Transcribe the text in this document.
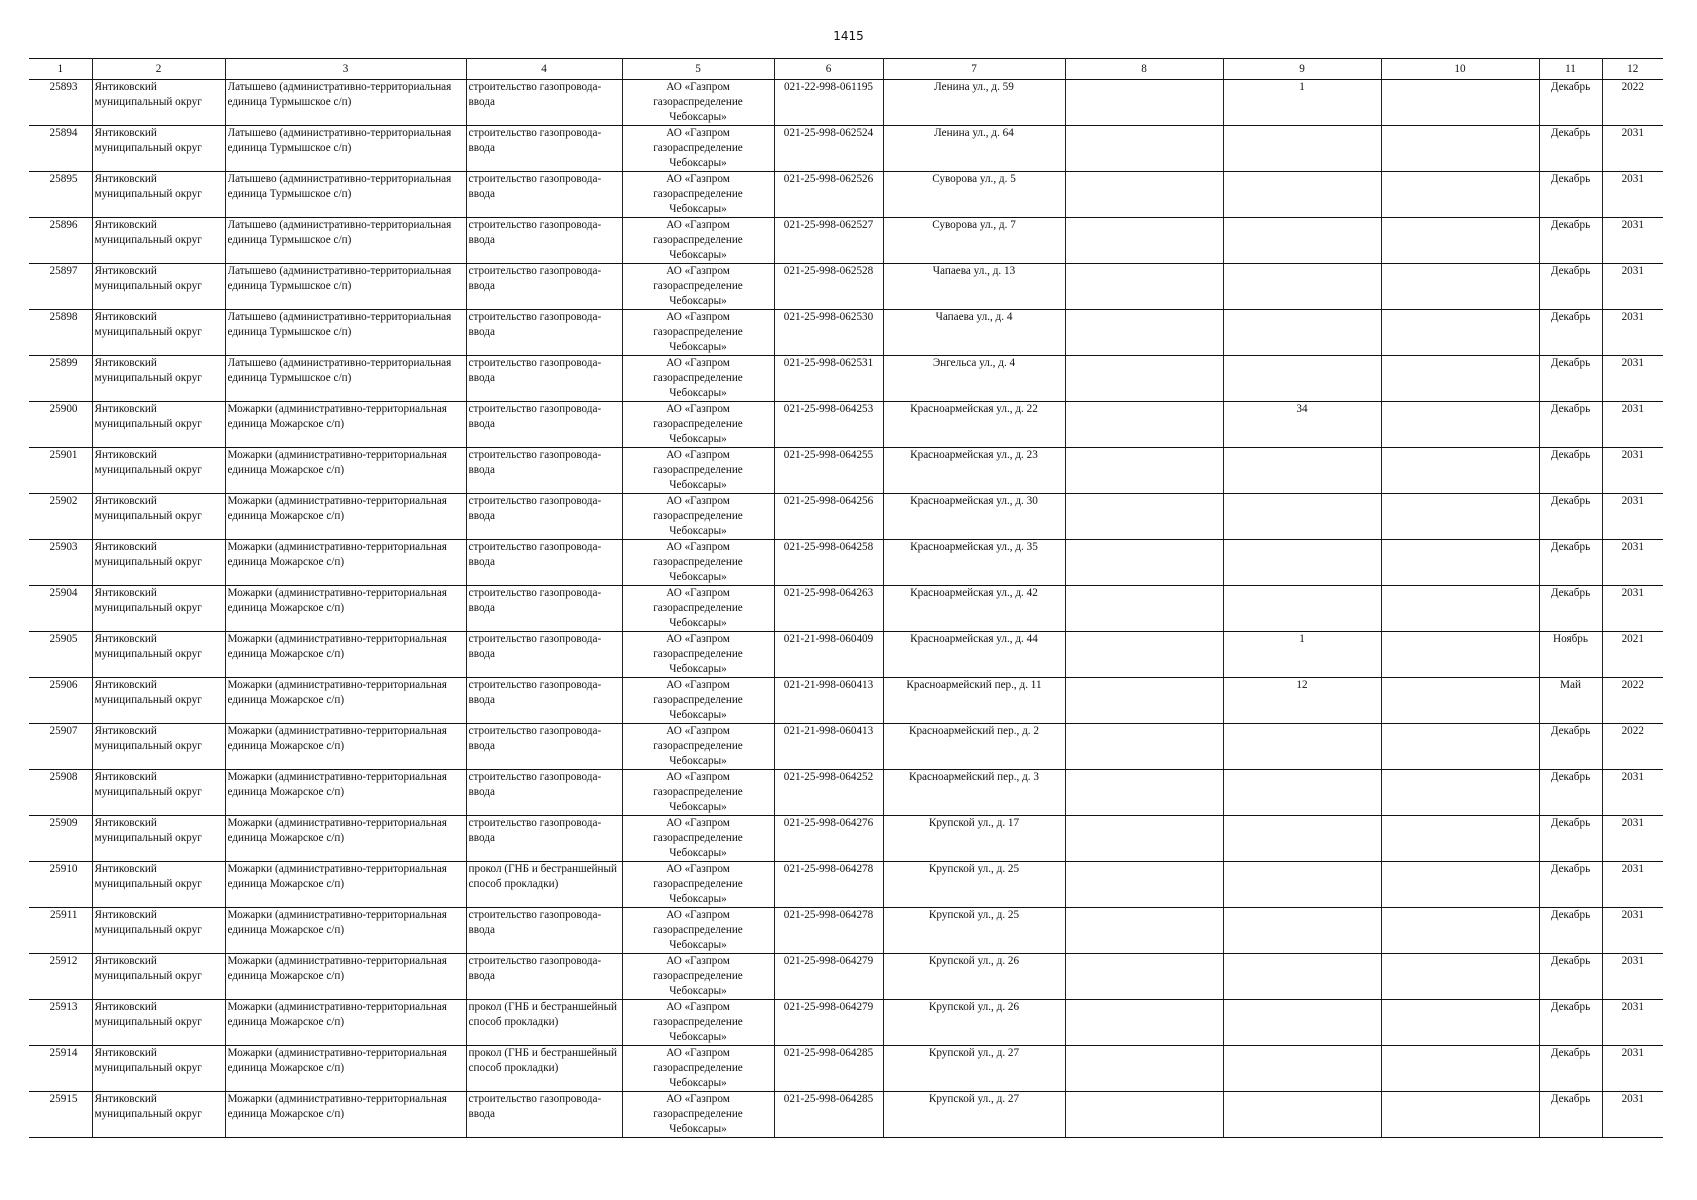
1415
1	2	3	4	5	6	7	8	9	10	11	12

25893	Янтиковский муниципальный округ	Латышево (административно-территориальная единица Турмышское с/п)	строительство газопровода-ввода	АО «Газпром газораспределение Чебоксары»	021-22-998-061195	Ленина ул., д. 59		1		Декабрь	2022

25894	Янтиковский муниципальный округ	Латышево (административно-территориальная единица Турмышское с/п)	строительство газопровода-ввода	АО «Газпром газораспределение Чебоксары»	021-25-998-062524	Ленина ул., д. 64				Декабрь	2031

25895	Янтиковский муниципальный округ	Латышево (административно-территориальная единица Турмышское с/п)	строительство газопровода-ввода	АО «Газпром газораспределение Чебоксары»	021-25-998-062526	Суворова ул., д. 5				Декабрь	2031

25896	Янтиковский муниципальный округ	Латышево (административно-территориальная единица Турмышское с/п)	строительство газопровода-ввода	АО «Газпром газораспределение Чебоксары»	021-25-998-062527	Суворова ул., д. 7				Декабрь	2031

25897	Янтиковский муниципальный округ	Латышево (административно-территориальная единица Турмышское с/п)	строительство газопровода-ввода	АО «Газпром газораспределение Чебоксары»	021-25-998-062528	Чапаева ул., д. 13				Декабрь	2031

25898	Янтиковский муниципальный округ	Латышево (административно-территориальная единица Турмышское с/п)	строительство газопровода-ввода	АО «Газпром газораспределение Чебоксары»	021-25-998-062530	Чапаева ул., д. 4				Декабрь	2031

25899	Янтиковский муниципальный округ	Латышево (административно-территориальная единица Турмышское с/п)	строительство газопровода-ввода	АО «Газпром газораспределение Чебоксары»	021-25-998-062531	Энгельса ул., д. 4				Декабрь	2031

25900	Янтиковский муниципальный округ	Можарки (административно-территориальная единица Можарское с/п)	строительство газопровода-ввода	АО «Газпром газораспределение Чебоксары»	021-25-998-064253	Красноармейская ул., д. 22		34		Декабрь	2031

25901	Янтиковский муниципальный округ	Можарки (административно-территориальная единица Можарское с/п)	строительство газопровода-ввода	АО «Газпром газораспределение Чебоксары»	021-25-998-064255	Красноармейская ул., д. 23				Декабрь	2031

25902	Янтиковский муниципальный округ	Можарки (административно-территориальная единица Можарское с/п)	строительство газопровода-ввода	АО «Газпром газораспределение Чебоксары»	021-25-998-064256	Красноармейская ул., д. 30				Декабрь	2031

25903	Янтиковский муниципальный округ	Можарки (административно-территориальная единица Можарское с/п)	строительство газопровода-ввода	АО «Газпром газораспределение Чебоксары»	021-25-998-064258	Красноармейская ул., д. 35				Декабрь	2031

25904	Янтиковский муниципальный округ	Можарки (административно-территориальная единица Можарское с/п)	строительство газопровода-ввода	АО «Газпром газораспределение Чебоксары»	021-25-998-064263	Красноармейская ул., д. 42				Декабрь	2031

25905	Янтиковский муниципальный округ	Можарки (административно-территориальная единица Можарское с/п)	строительство газопровода-ввода	АО «Газпром газораспределение Чебоксары»	021-21-998-060409	Красноармейская ул., д. 44		1		Ноябрь	2021

25906	Янтиковский муниципальный округ	Можарки (административно-территориальная единица Можарское с/п)	строительство газопровода-ввода	АО «Газпром газораспределение Чебоксары»	021-21-998-060413	Красноармейский пер., д. 11		12		Май	2022

25907	Янтиковский муниципальный округ	Можарки (административно-территориальная единица Можарское с/п)	строительство газопровода-ввода	АО «Газпром газораспределение Чебоксары»	021-21-998-060413	Красноармейский пер., д. 2				Декабрь	2022

25908	Янтиковский муниципальный округ	Можарки (административно-территориальная единица Можарское с/п)	строительство газопровода-ввода	АО «Газпром газораспределение Чебоксары»	021-25-998-064252	Красноармейский пер., д. 3				Декабрь	2031

25909	Янтиковский муниципальный округ	Можарки (административно-территориальная единица Можарское с/п)	строительство газопровода-ввода	АО «Газпром газораспределение Чебоксары»	021-25-998-064276	Крупской ул., д. 17				Декабрь	2031

25910	Янтиковский муниципальный округ	Можарки (административно-территориальная единица Можарское с/п)	прокол (ГНБ и бестраншейный способ прокладки)	АО «Газпром газораспределение Чебоксары»	021-25-998-064278	Крупской ул., д. 25				Декабрь	2031

25911	Янтиковский муниципальный округ	Можарки (административно-территориальная единица Можарское с/п)	строительство газопровода-ввода	АО «Газпром газораспределение Чебоксары»	021-25-998-064278	Крупской ул., д. 25				Декабрь	2031

25912	Янтиковский муниципальный округ	Можарки (административно-территориальная единица Можарское с/п)	строительство газопровода-ввода	АО «Газпром газораспределение Чебоксары»	021-25-998-064279	Крупской ул., д. 26				Декабрь	2031

25913	Янтиковский муниципальный округ	Можарки (административно-территориальная единица Можарское с/п)	прокол (ГНБ и бестраншейный способ прокладки)	АО «Газпром газораспределение Чебоксары»	021-25-998-064279	Крупской ул., д. 26				Декабрь	2031

25914	Янтиковский муниципальный округ	Можарки (административно-территориальная единица Можарское с/п)	прокол (ГНБ и бестраншейный способ прокладки)	АО «Газпром газораспределение Чебоксары»	021-25-998-064285	Крупской ул., д. 27				Декабрь	2031

25915	Янтиковский муниципальный округ	Можарки (административно-территориальная единица Можарское с/п)	строительство газопровода-ввода	АО «Газпром газораспределение Чебоксары»	021-25-998-064285	Крупской ул., д. 27				Декабрь	2031
